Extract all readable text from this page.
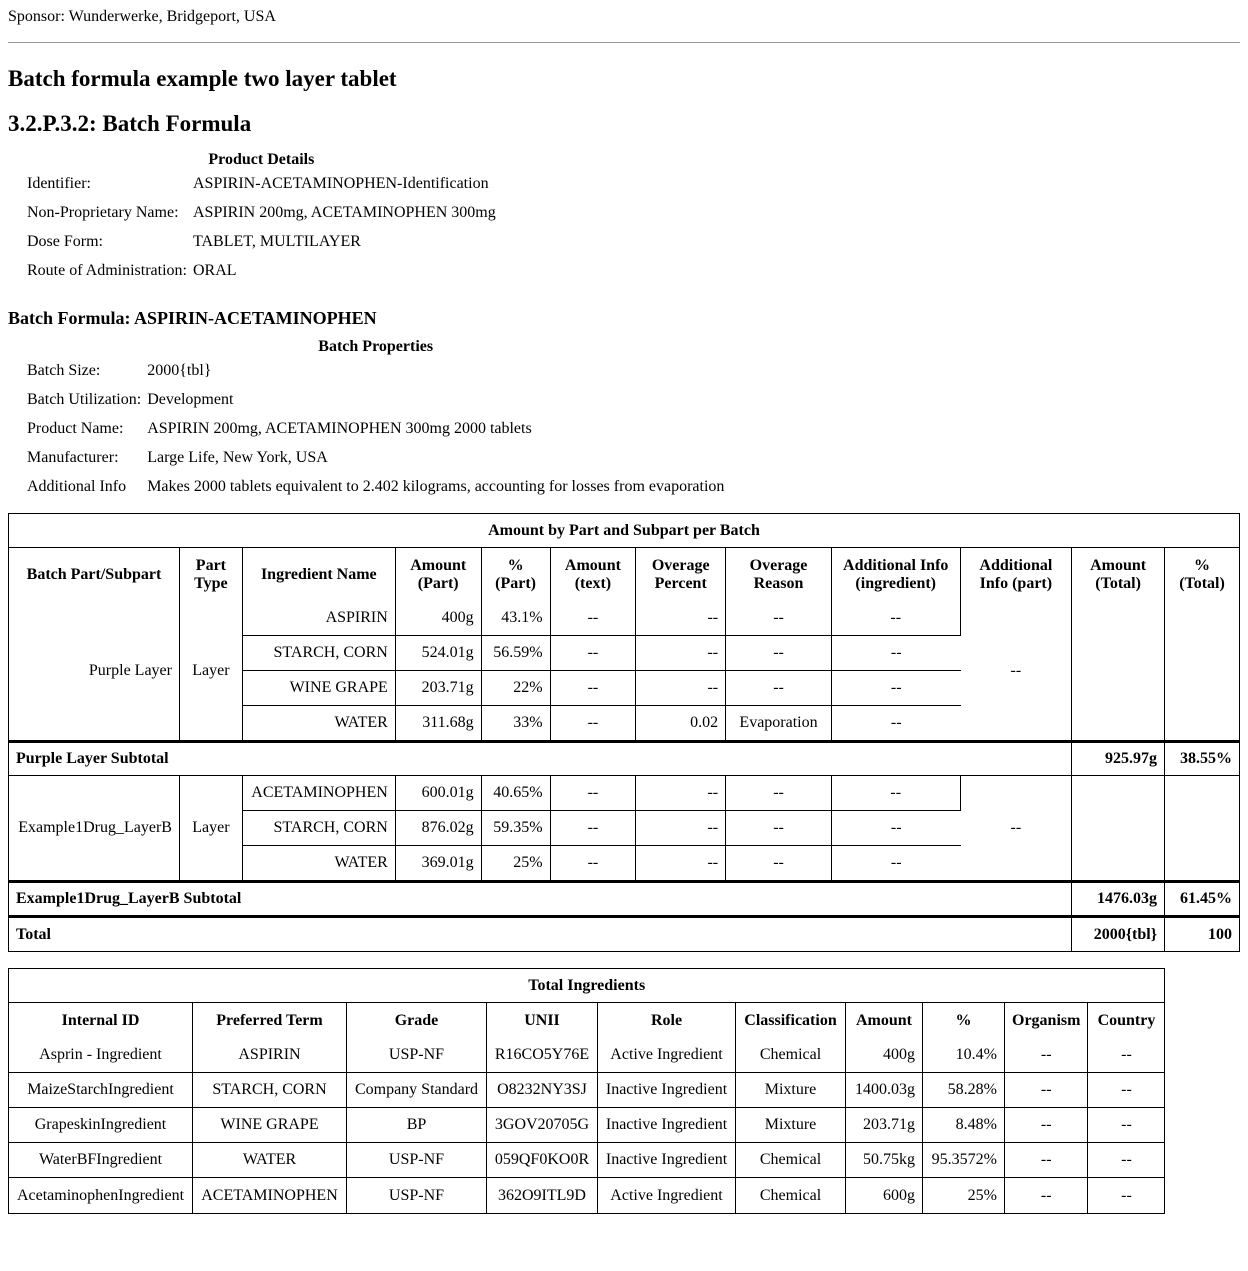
Sponsor: Wunderwerke, Bridgeport, USA
Batch formula example two layer tablet
3.2.P.3.2: Batch Formula
Product Details
Identifier:	ASPIRIN-ACETAMINOPHEN-Identification
Non-Proprietary Name:	ASPIRIN 200mg, ACETAMINOPHEN 300mg
Dose Form:	TABLET, MULTILAYER
Route of Administration:	ORAL
Batch Formula: ASPIRIN-ACETAMINOPHEN
Batch Properties
Batch Size:	2000{tbl}
Batch Utilization:	Development
Product Name:	ASPIRIN 200mg, ACETAMINOPHEN 300mg 2000 tablets
Manufacturer:	Large Life, New York, USA
Additional Info	Makes 2000 tablets equivalent to 2.402 kilograms, accounting for losses from evaporation
Amount by Part and Subpart per Batch											
Batch Part/Subpart	Part Type	Ingredient Name	Amount (Part)	% (Part)	Amount (text)	Overage Percent	Overage Reason	Additional Info (ingredient)	Additional Info (part)	Amount (Total)	% (Total)
Purple Layer	Layer	ASPIRIN	400g	43.1%	--	--	--	--	--		
		STARCH, CORN	524.01g	56.59%	--	--	--	--			
		WINE GRAPE	203.71g	22%	--	--	--	--			
		WATER	311.68g	33%	--	0.02	Evaporation	--			
Purple Layer Subtotal										925.97g	38.55%
Example1Drug_LayerB	Layer	ACETAMINOPHEN	600.01g	40.65%	--	--	--	--	--		
		STARCH, CORN	876.02g	59.35%	--	--	--	--			
		WATER	369.01g	25%	--	--	--	--			
Example1Drug_LayerB Subtotal										1476.03g	61.45%
Total										2000{tbl}	100
Total Ingredients									
Internal ID	Preferred Term	Grade	UNII	Role	Classification	Amount	%	Organism	Country
Asprin - Ingredient	ASPIRIN	USP-NF	R16CO5Y76E	Active Ingredient	Chemical	400g	10.4%	--	--
MaizeStarchIngredient	STARCH, CORN	Company Standard	O8232NY3SJ	Inactive Ingredient	Mixture	1400.03g	58.28%	--	--
GrapeskinIngredient	WINE GRAPE	BP	3GOV20705G	Inactive Ingredient	Mixture	203.71g	8.48%	--	--
WaterBFIngredient	WATER	USP-NF	059QF0KO0R	Inactive Ingredient	Chemical	50.75kg	95.3572%	--	--
AcetaminophenIngredient	ACETAMINOPHEN	USP-NF	362O9ITL9D	Active Ingredient	Chemical	600g	25%	--	--
